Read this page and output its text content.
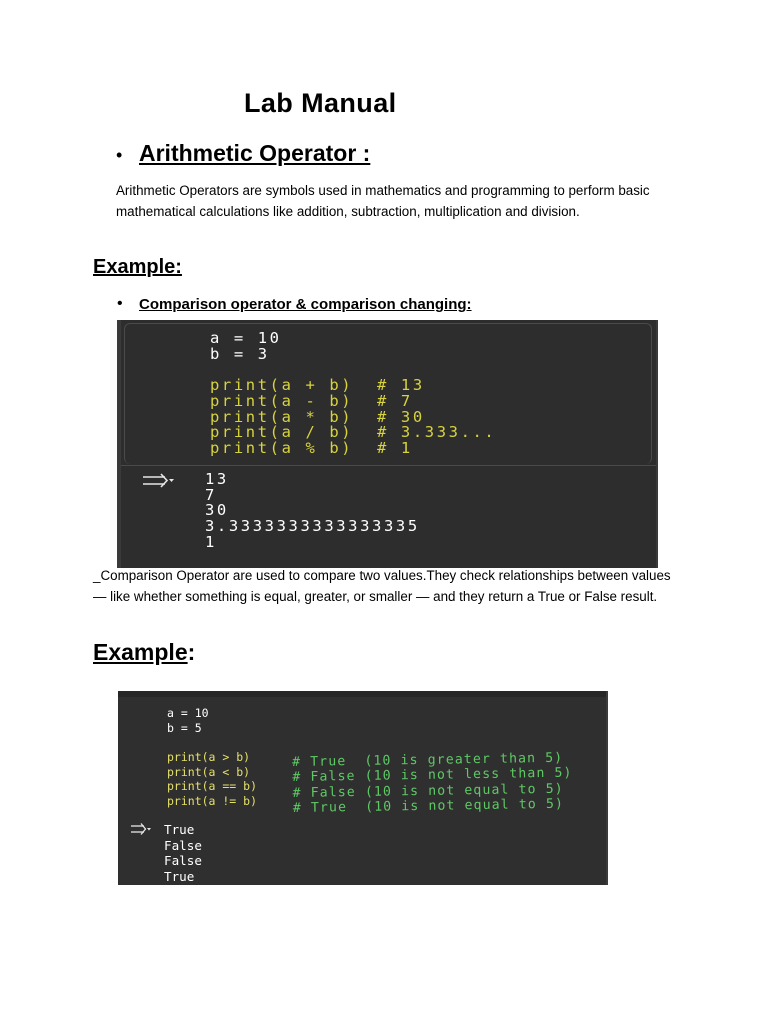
Lab Manual
• Arithmetic Operator :
Arithmetic Operators are symbols used in mathematics and programming to perform basic mathematical calculations like addition, subtraction, multiplication and division.
Example:
• Comparison operator & comparison changing:
a = 10
b = 3

print(a + b)  # 13
print(a - b)  # 7
print(a * b)  # 30
print(a / b)  # 3.333...
print(a % b)  # 1
13
7
30
3.3333333333333335
1
_Comparison Operator are used to compare two values.They check relationships between values — like whether something is equal, greater, or smaller — and they return a True or False result.
Example:
a = 10
b = 5
print(a > b)
print(a < b)
print(a == b)
print(a != b)
# True  (10 is greater than 5)
# False (10 is not less than 5)
# False (10 is not equal to 5)
# True  (10 is not equal to 5)
True
False
False
True
